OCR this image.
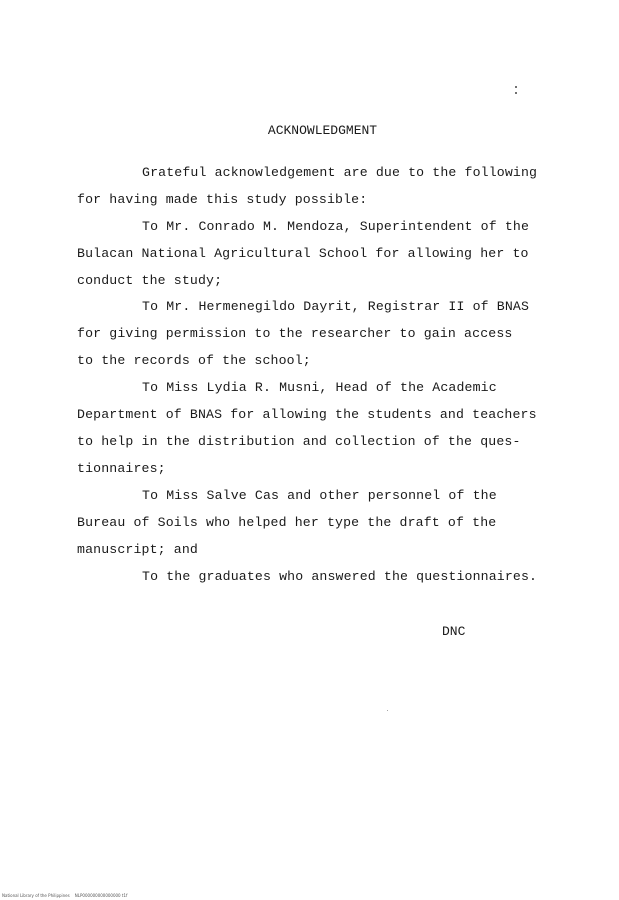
ACKNOWLEDGMENT
Grateful acknowledgement are due to the following
for having made this study possible:
To Mr. Conrado M. Mendoza, Superintendent of the
Bulacan National Agricultural School for allowing her to
conduct the study;
To Mr. Hermenegildo Dayrit, Registrar II of BNAS
for giving permission to the researcher to gain access
to the records of the school;
To Miss Lydia R. Musni, Head of the Academic
Department of BNAS for allowing the students and teachers
to help in the distribution and collection of the ques-
tionnaires;
To Miss Salve Cas and other personnel of the
Bureau of Soils who helped her type the draft of the
manuscript; and
To the graduates who answered the questionnaires.
DNC
National Library of the Philippines    NLP000000000000000 t1f
